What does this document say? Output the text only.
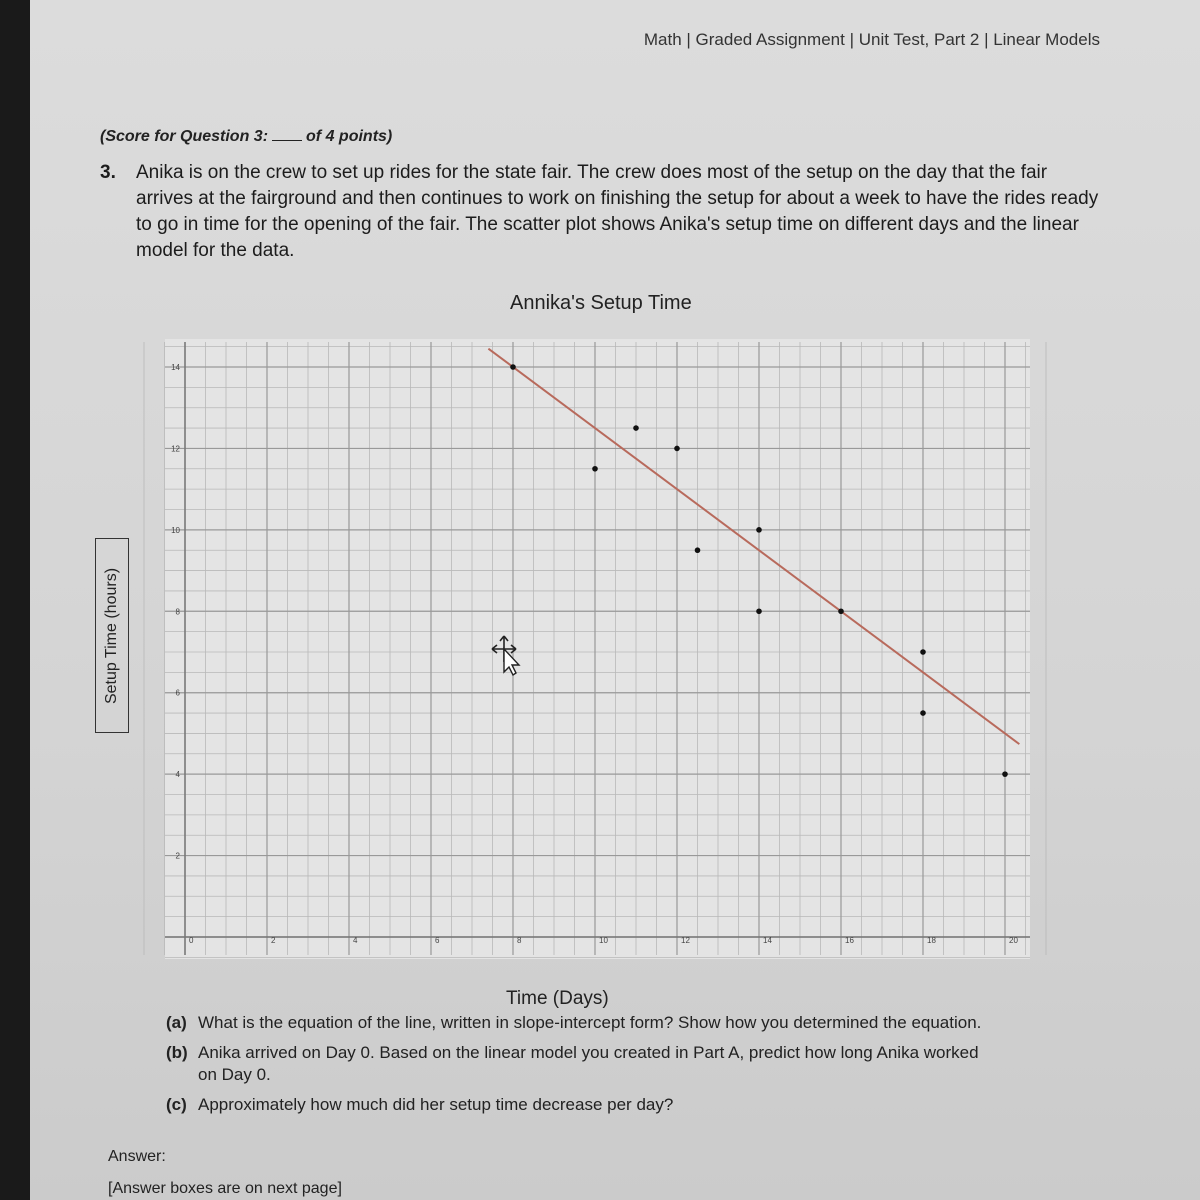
Math | Graded Assignment | Unit Test, Part 2 | Linear Models
(Score for Question 3: of 4 points)
3.	Anika is on the crew to set up rides for the state fair. The crew does most of the setup on the day that the fair arrives at the fairground and then continues to work on finishing the setup for about a week to have the rides ready to go in time for the opening of the fair. The scatter plot shows Anika's setup time on different days and the linear model for the data.
Annika's Setup Time
0	2	4	6	8	10	12	14	16	18	20
2
4
6
8
10
12
14
Setup Time (hours)
Time (Days)
(a) What is the equation of the line, written in slope-intercept form? Show how you determined the equation.
(b) Anika arrived on Day 0. Based on the linear model you created in Part A, predict how long Anika worked on Day 0.
(c) Approximately how much did her setup time decrease per day?
Answer:
[Answer boxes are on next page]
